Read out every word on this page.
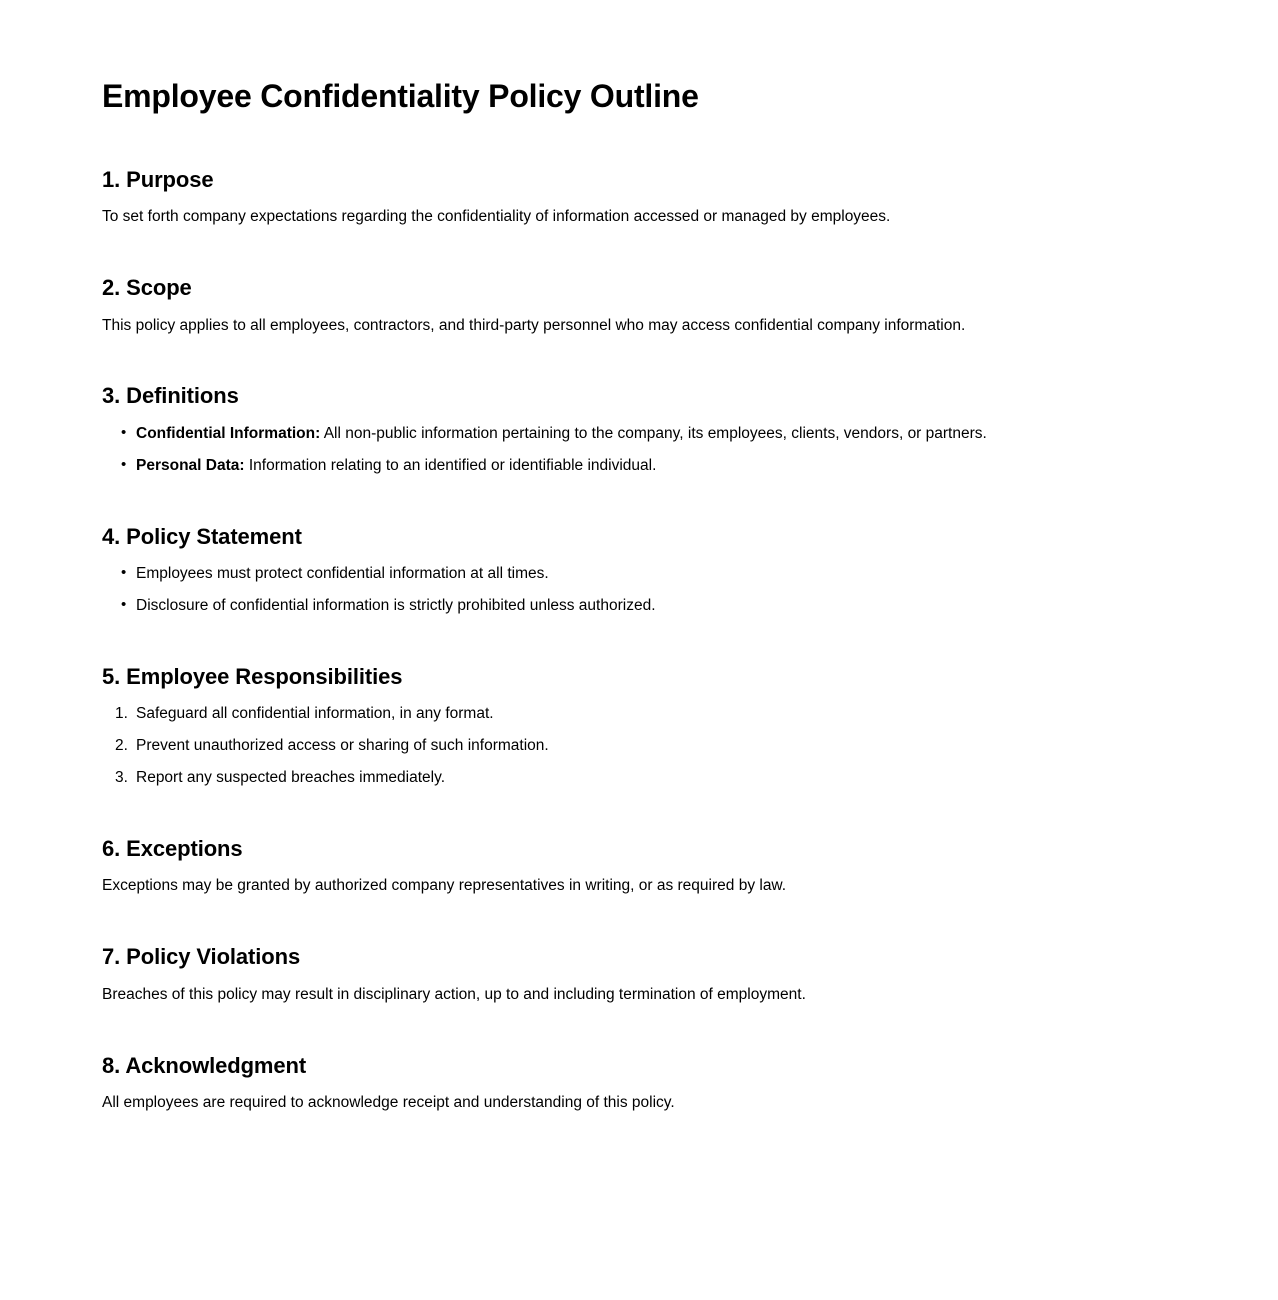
Employee Confidentiality Policy Outline
1. Purpose

To set forth company expectations regarding the confidentiality of information accessed or managed by employees.

2. Scope

This policy applies to all employees, contractors, and third-party personnel who may access confidential company information.

3. Definitions
• Confidential Information: All non-public information pertaining to the company, its employees, clients, vendors, or partners.
• Personal Data: Information relating to an identified or identifiable individual.
4. Policy Statement
• Employees must protect confidential information at all times.
• Disclosure of confidential information is strictly prohibited unless authorized.
5. Employee Responsibilities
Safeguard all confidential information, in any format.
Prevent unauthorized access or sharing of such information.
Report any suspected breaches immediately.
6. Exceptions

Exceptions may be granted by authorized company representatives in writing, or as required by law.

7. Policy Violations

Breaches of this policy may result in disciplinary action, up to and including termination of employment.

8. Acknowledgment

All employees are required to acknowledge receipt and understanding of this policy.
